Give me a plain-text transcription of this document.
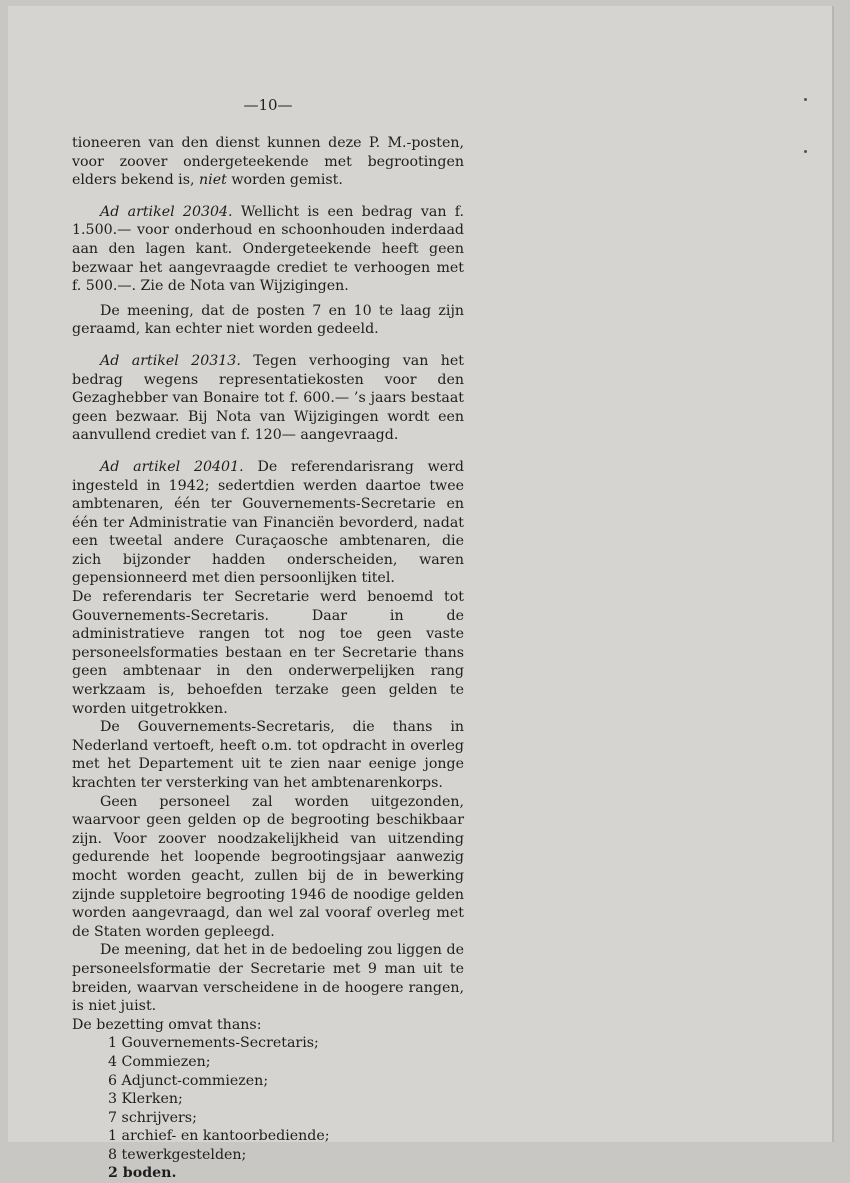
—10—

tioneeren van den dienst kunnen deze P. M.-posten, voor zoover ondergeteekende met begrootingen elders bekend is, niet worden gemist.

Ad artikel 20304. Wellicht is een bedrag van f. 1.500.— voor onderhoud en schoonhouden inderdaad aan den lagen kant. Ondergeteekende heeft geen bezwaar het aangevraagde crediet te verhoogen met f. 500.—. Zie de Nota van Wijzigingen.

De meening, dat de posten 7 en 10 te laag zijn geraamd, kan echter niet worden gedeeld.

Ad artikel 20313. Tegen verhooging van het bedrag wegens representatiekosten voor den Gezaghebber van Bonaire tot f. 600.— ’s jaars bestaat geen bezwaar. Bij Nota van Wijzigingen wordt een aanvullend crediet van f. 120— aangevraagd.

Ad artikel 20401. De referendarisrang werd ingesteld in 1942; sedertdien werden daartoe twee ambtenaren, één ter Gouvernements-Secretarie en één ter Administratie van Financiën bevorderd, nadat een tweetal andere Curaçaosche ambtenaren, die zich bijzonder hadden onderscheiden, waren gepensionneerd met dien persoonlijken titel.

De referendaris ter Secretarie werd benoemd tot Gouvernements-Secretaris. Daar in de administratieve rangen tot nog toe geen vaste personeelsformaties bestaan en ter Secretarie thans geen ambtenaar in den onderwerpelijken rang werkzaam is, behoefden terzake geen gelden te worden uitgetrokken.

De Gouvernements-Secretaris, die thans in Nederland vertoeft, heeft o.m. tot opdracht in overleg met het Departement uit te zien naar eenige jonge krachten ter versterking van het ambtenarenkorps.

Geen personeel zal worden uitgezonden, waarvoor geen gelden op de begrooting beschikbaar zijn. Voor zoover noodzakelijkheid van uitzending gedurende het loopende begrootingsjaar aanwezig mocht worden geacht, zullen bij de in bewerking zijnde suppletoire begrooting 1946 de noodige gelden worden aangevraagd, dan wel zal vooraf overleg met de Staten worden gepleegd.

De meening, dat het in de bedoeling zou liggen de personeelsformatie der Secretarie met 9 man uit te breiden, waarvan verscheidene in de hoogere rangen, is niet juist.

De bezetting omvat thans:

1 Gouvernements-Secretaris;
4 Commiezen;
6 Adjunct-commiezen;
3 Klerken;
7 schrijvers;
1 archief- en kantoorbediende;
8 tewerkgestelden;
2 boden.
